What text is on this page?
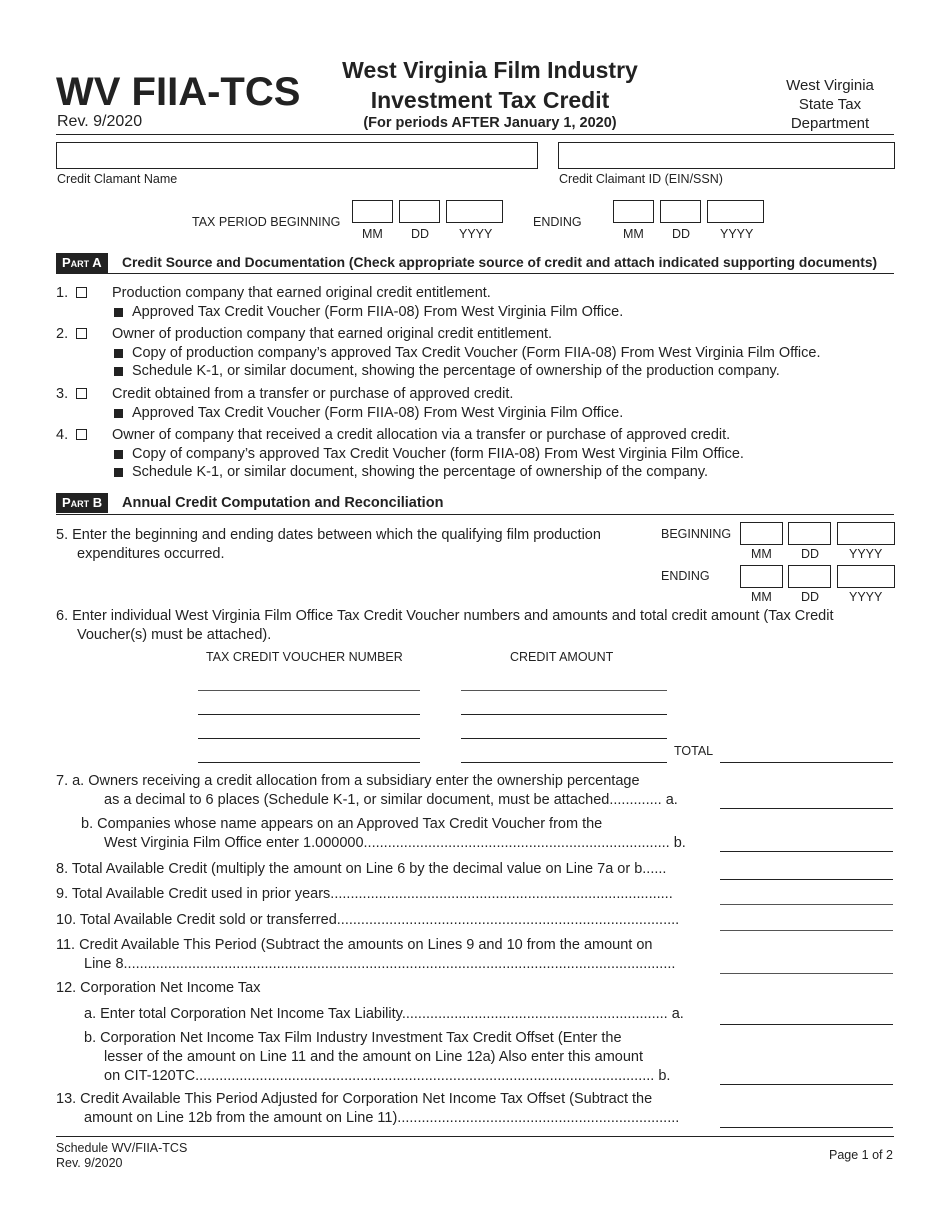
WV FIIA-TCS
Rev. 9/2020
West Virginia Film Industry
Investment Tax Credit
(For periods AFTER January 1, 2020)
West Virginia
State Tax
Department
Credit Clamant Name	Credit Claimant ID (EIN/SSN)
TAX PERIOD BEGINNING
MM DD YYYY
ENDING
MM DD YYYY
Part A	Credit Source and Documentation (Check appropriate source of credit and attach indicated supporting documents)
1.	Production company that earned original credit entitlement.
Approved Tax Credit Voucher (Form FIIA-08) From West Virginia Film Office.
2.	Owner of production company that earned original credit entitlement.
Copy of production company’s approved Tax Credit Voucher (Form FIIA-08) From West Virginia Film Office.
Schedule K-1, or similar document, showing the percentage of ownership of the production company.
3.	Credit obtained from a transfer or purchase of approved credit.
Approved Tax Credit Voucher (Form FIIA-08) From West Virginia Film Office.
4.	Owner of company that received a credit allocation via a transfer or purchase of approved credit.
Copy of company’s approved Tax Credit Voucher (form FIIA-08) From West Virginia Film Office.
Schedule K-1, or similar document, showing the percentage of ownership of the company.
Part B	Annual Credit Computation and Reconciliation
5. Enter the beginning and ending dates between which the qualifying film production
expenditures occurred.
BEGINNING
MM DD YYYY
ENDING
MM DD YYYY
6. Enter individual West Virginia Film Office Tax Credit Voucher numbers and amounts and total credit amount (Tax Credit
Voucher(s) must be attached).
TAX CREDIT VOUCHER NUMBER	CREDIT AMOUNT
TOTAL
7. a. Owners receiving a credit allocation from a subsidiary enter the ownership percentage
as a decimal to 6 places (Schedule K-1, or similar document, must be attached............. a.
b. Companies whose name appears on an Approved Tax Credit Voucher from the
West Virginia Film Office enter 1.000000............................................................................ b.
8. Total Available Credit (multiply the amount on Line 6 by the decimal value on Line 7a or b......
9. Total Available Credit used in prior years.....................................................................................
10. Total Available Credit sold or transferred.....................................................................................
11. Credit Available This Period (Subtract the amounts on Lines 9 and 10 from the amount on
Line 8.........................................................................................................................................
12. Corporation Net Income Tax
a. Enter total Corporation Net Income Tax Liability.................................................................. a.
b. Corporation Net Income Tax Film Industry Investment Tax Credit Offset (Enter the
lesser of the amount on Line 11 and the amount on Line 12a) Also enter this amount
on CIT-120TC.................................................................................................................. b.
13. Credit Available This Period Adjusted for Corporation Net Income Tax Offset (Subtract the
amount on Line 12b from the amount on Line 11)......................................................................
Schedule WV/FIIA-TCS
Rev. 9/2020
Page 1 of 2
